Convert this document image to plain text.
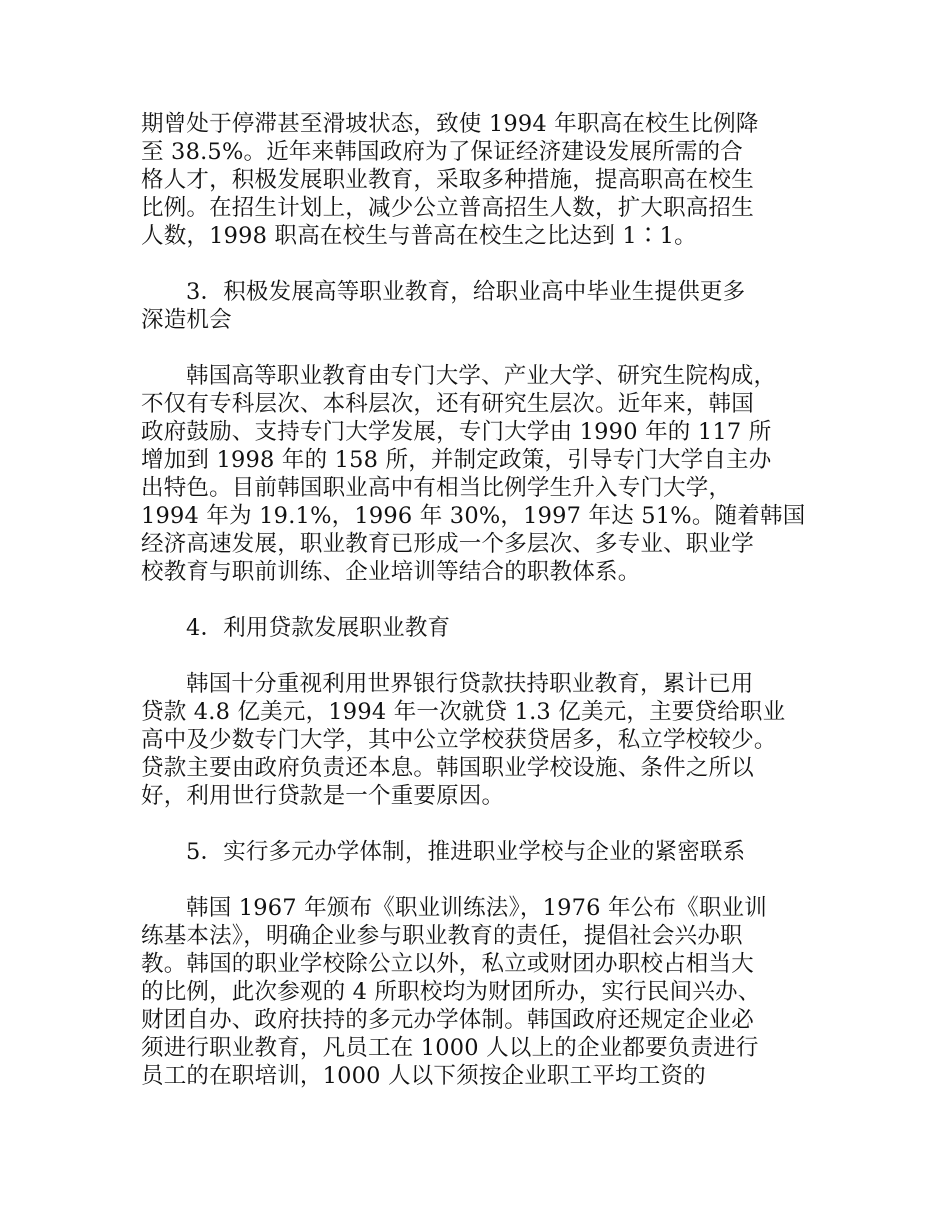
期曾处于停滞甚至滑坡状态，致使 1994 年职高在校生比例降
至 38.5%。近年来韩国政府为了保证经济建设发展所需的合
格人才，积极发展职业教育，采取多种措施，提高职高在校生
比例。在招生计划上，减少公立普高招生人数，扩大职高招生
人数，1998 职高在校生与普高在校生之比达到 1∶1。

3．积极发展高等职业教育，给职业高中毕业生提供更多
深造机会

韩国高等职业教育由专门大学、产业大学、研究生院构成，
不仅有专科层次、本科层次，还有研究生层次。近年来，韩国
政府鼓励、支持专门大学发展，专门大学由 1990 年的 117 所
增加到 1998 年的 158 所，并制定政策，引导专门大学自主办
出特色。目前韩国职业高中有相当比例学生升入专门大学，
1994 年为 19.1%，1996 年 30%，1997 年达 51%。随着韩国
经济高速发展，职业教育已形成一个多层次、多专业、职业学
校教育与职前训练、企业培训等结合的职教体系。

4．利用贷款发展职业教育

韩国十分重视利用世界银行贷款扶持职业教育，累计已用
贷款 4.8 亿美元，1994 年一次就贷 1.3 亿美元，主要贷给职业
高中及少数专门大学，其中公立学校获贷居多，私立学校较少。
贷款主要由政府负责还本息。韩国职业学校设施、条件之所以
好，利用世行贷款是一个重要原因。

5．实行多元办学体制，推进职业学校与企业的紧密联系

韩国 1967 年颁布《职业训练法》，1976 年公布《职业训
练基本法》，明确企业参与职业教育的责任，提倡社会兴办职
教。韩国的职业学校除公立以外，私立或财团办职校占相当大
的比例，此次参观的 4 所职校均为财团所办，实行民间兴办、
财团自办、政府扶持的多元办学体制。韩国政府还规定企业必
须进行职业教育，凡员工在 1000 人以上的企业都要负责进行
员工的在职培训，1000 人以下须按企业职工平均工资的
